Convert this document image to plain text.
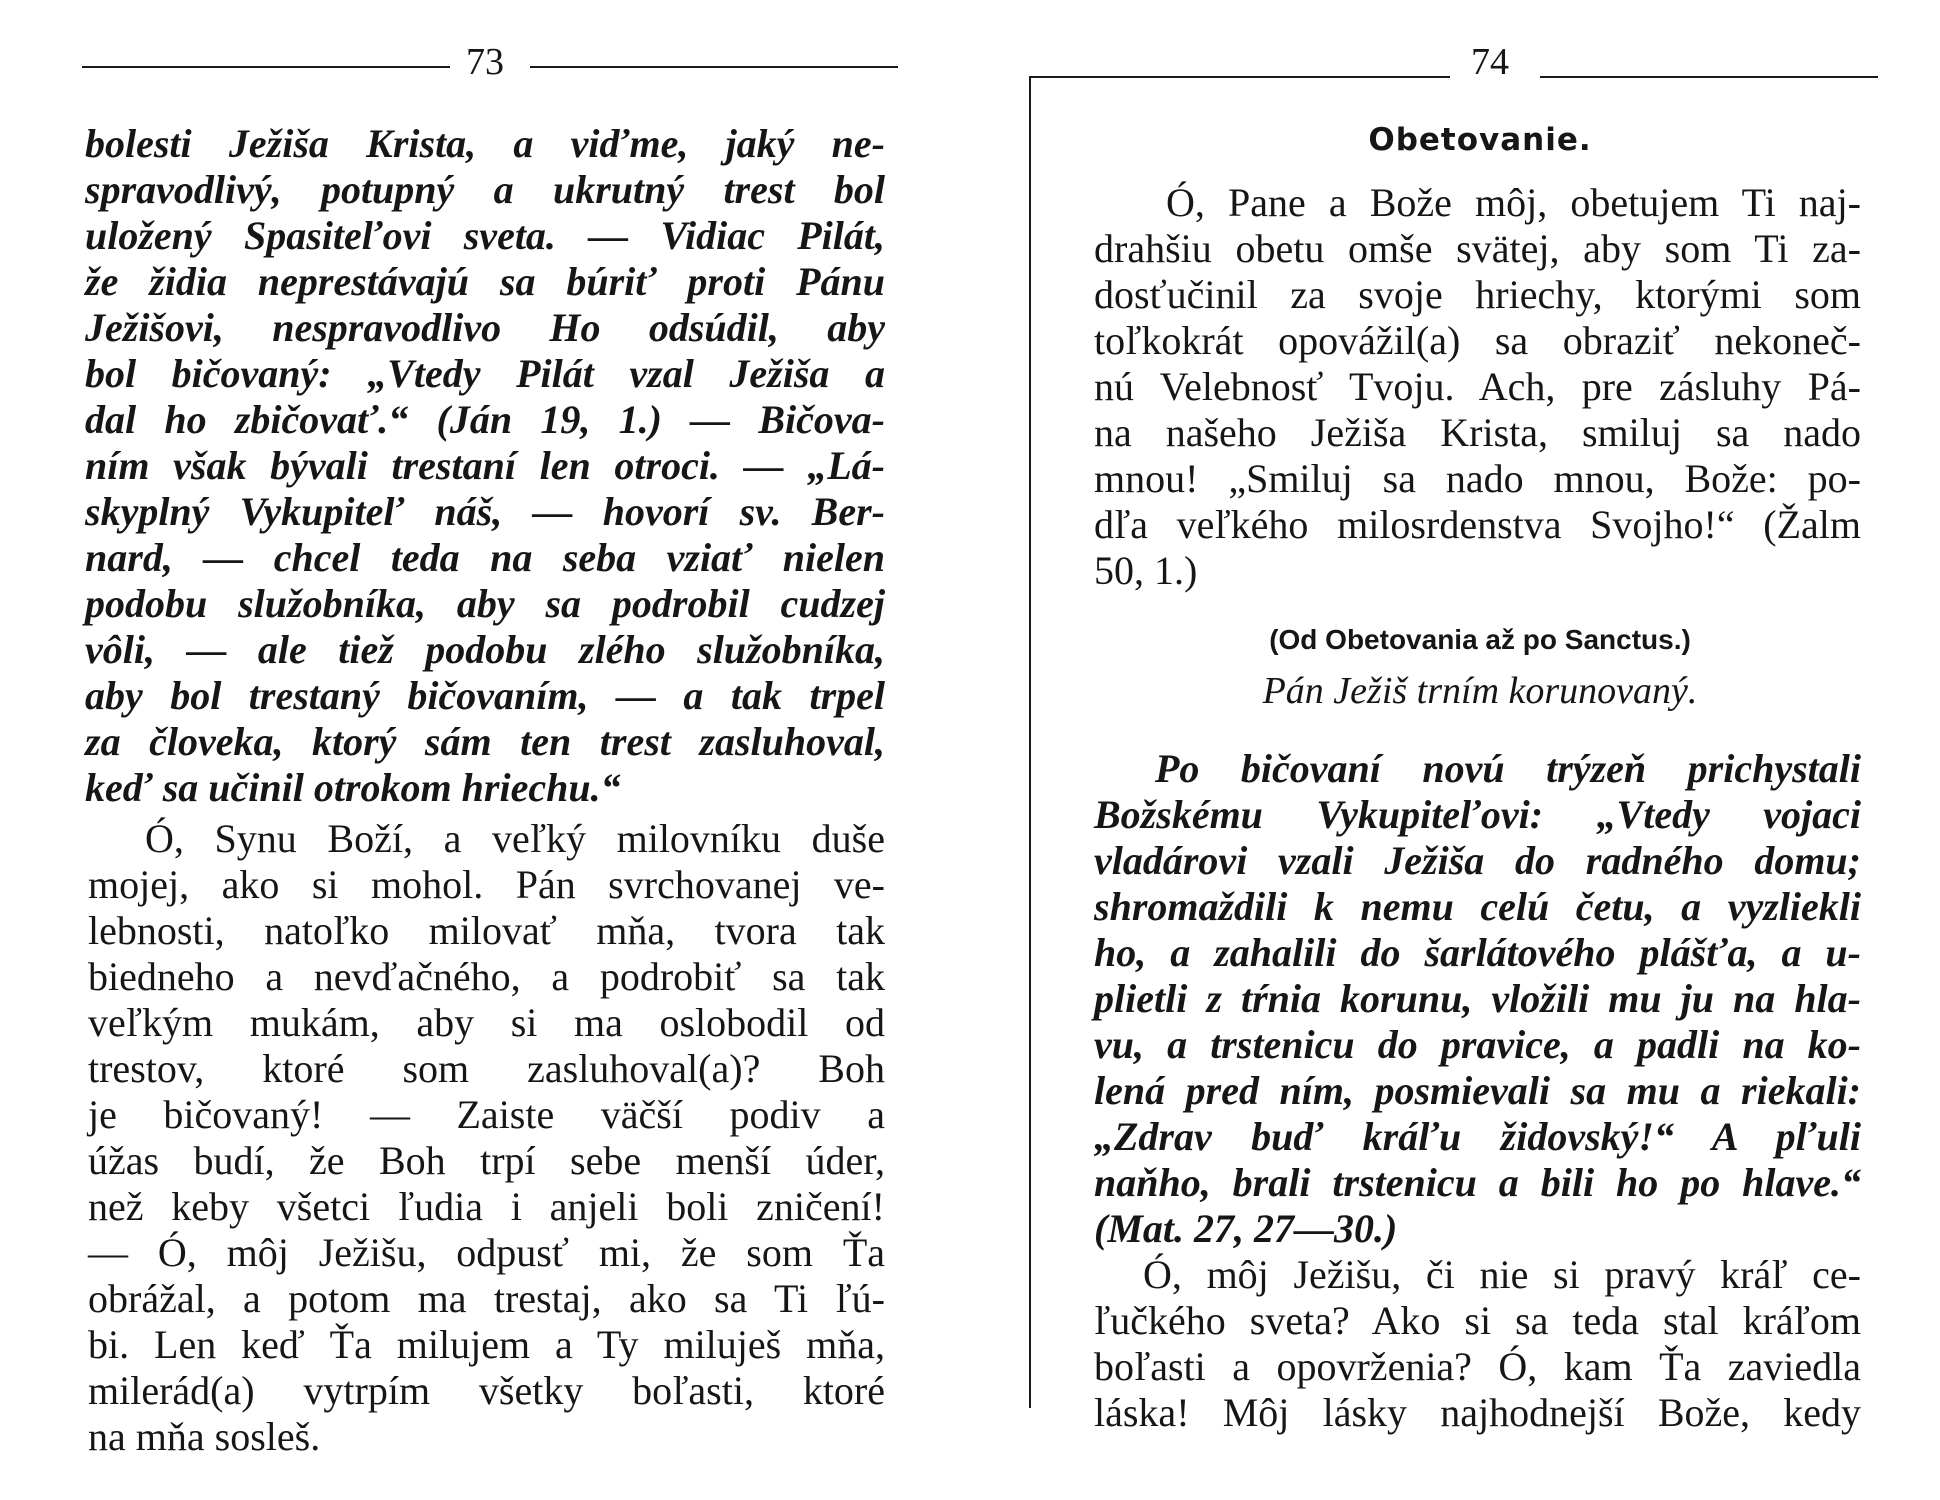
73
bolesti Ježiša Krista, a viďme, jaký ne-
spravodlivý, potupný a ukrutný trest bol
uložený Spasiteľovi sveta. — Vidiac Pilát,
že židia neprestávajú sa búriť proti Pánu
Ježišovi, nespravodlivo Ho odsúdil, aby
bol bičovaný: „Vtedy Pilát vzal Ježiša a
dal ho zbičovať.“ (Ján 19, 1.) — Bičova-
ním však bývali trestaní len otroci. — „Lá-
skyplný Vykupiteľ náš, — hovorí sv. Ber-
nard, — chcel teda na seba vziať nielen
podobu služobníka, aby sa podrobil cudzej
vôli, — ale tiež podobu zlého služobníka,
aby bol trestaný bičovaním, — a tak trpel
za človeka, ktorý sám ten trest zasluhoval,
keď sa učinil otrokom hriechu.“
Ó, Synu Boží, a veľký milovníku duše
mojej, ako si mohol. Pán svrchovanej ve-
lebnosti, natoľko milovať mňa, tvora tak
biedneho a nevďačného, a podrobiť sa tak
veľkým mukám, aby si ma oslobodil od
trestov, ktoré som zasluhoval(a)? Boh
je bičovaný! — Zaiste väčší podiv a
úžas budí, že Boh trpí sebe menší úder,
než keby všetci ľudia i anjeli boli zničení!
— Ó, môj Ježišu, odpusť mi, že som Ťa
obrážal, a potom ma trestaj, ako sa Ti ľú-
bi. Len keď Ťa milujem a Ty miluješ mňa,
milerád(a) vytrpím všetky boľasti, ktoré
na mňa sosleš.
74
Obetovanie.
Ó, Pane a Bože môj, obetujem Ti naj-
drahšiu obetu omše svätej, aby som Ti za-
dosťučinil za svoje hriechy, ktorými som
toľkokrát opovážil(a) sa obraziť nekoneč-
nú Velebnosť Tvoju. Ach, pre zásluhy Pá-
na našeho Ježiša Krista, smiluj sa nado
mnou! „Smiluj sa nado mnou, Bože: po-
dľa veľkého milosrdenstva Svojho!“ (Žalm
50, 1.)
(Od Obetovania až po Sanctus.)
Pán Ježiš trním korunovaný.
Po bičovaní novú trýzeň prichystali
Božskému Vykupiteľovi: „Vtedy vojaci
vladárovi vzali Ježiša do radného domu;
shromaždili k nemu celú četu, a vyzliekli
ho, a zahalili do šarlátového plášťa, a u-
plietli z tŕnia korunu, vložili mu ju na hla-
vu, a trstenicu do pravice, a padli na ko-
lená pred ním, posmievali sa mu a riekali:
„Zdrav buď kráľu židovský!“ A pľuli
naňho, brali trstenicu a bili ho po hlave.“
(Mat. 27, 27—30.)
Ó, môj Ježišu, či nie si pravý kráľ ce-
ľučkého sveta? Ako si sa teda stal kráľom
boľasti a opovrženia? Ó, kam Ťa zaviedla
láska! Môj lásky najhodnejší Bože, kedy
